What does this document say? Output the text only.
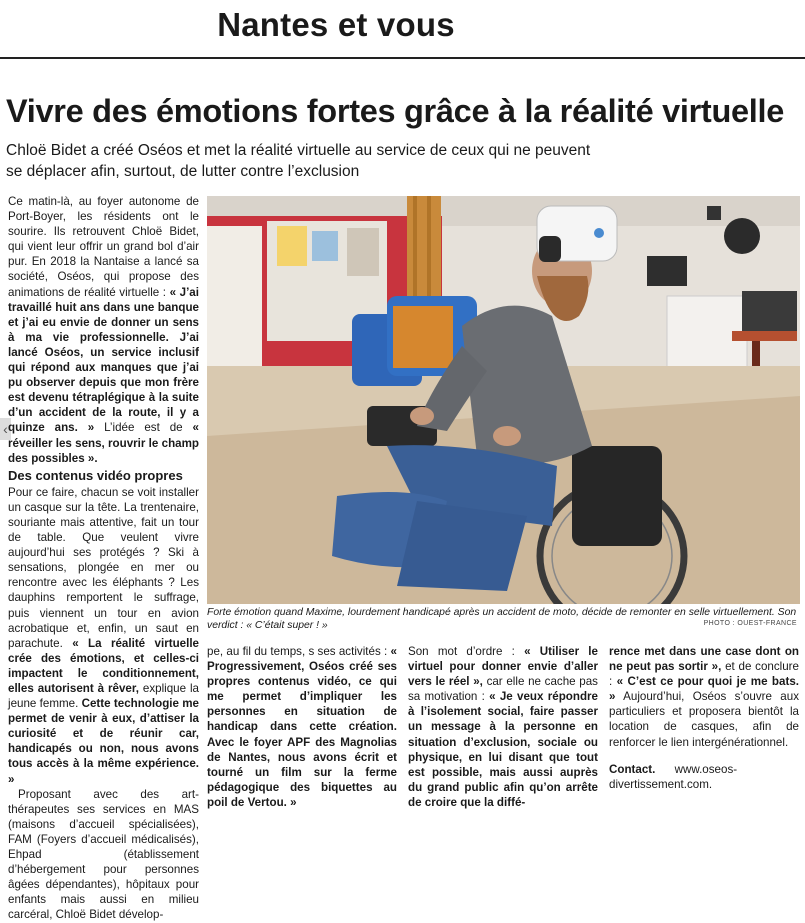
Nantes et vous
Vivre des émotions fortes grâce à la réalité virtuelle
Chloë Bidet a créé Oséos et met la réalité virtuelle au service de ceux qui ne peuvent
se déplacer afin, surtout, de lutter contre l’exclusion
‹

Ce matin-là, au foyer autonome de Port-Boyer, les résidents ont le sourire. Ils retrouvent Chloë Bidet, qui vient leur offrir un grand bol d’air pur. En 2018 la Nantaise a lancé sa société, Oséos, qui propose des animations de réalité virtuelle : « J’ai travaillé huit ans dans une banque et j’ai eu envie de donner un sens à ma vie professionnelle. J’ai lancé Oséos, un service inclusif qui répond aux manques que j’ai pu observer depuis que mon frère est devenu tétraplégique à la suite d’un accident de la route, il y a quinze ans. » L’idée est de « réveiller les sens, rouvrir le champ des possibles ».

Des contenus vidéo propres

Pour ce faire, chacun se voit installer un casque sur la tête. La trentenaire, souriante mais attentive, fait un tour de table. Que veulent vivre aujourd’hui ses protégés ? Ski à sensations, plongée en mer ou rencontre avec les éléphants ? Les dauphins remportent le suffrage, puis viennent un tour en avion acrobatique et, enfin, un saut en parachute. « La réalité virtuelle crée des émotions, et celles-ci impactent le conditionnement, elles autorisent à rêver, explique la jeune femme. Cette technologie me permet de venir à eux, d’attiser la curiosité et de réunir car, handicapés ou non, nous avons tous accès à la même expérience. »

Proposant avec des art-thérapeutes ses services en MAS (maisons d’accueil spécialisées), FAM (Foyers d’accueil médicalisés), Ehpad (établissement d’hébergement pour personnes âgées dépendantes), hôpitaux pour enfants mais aussi en milieu carcéral, Chloë Bidet dévelop-

Forte émotion quand Maxime, lourdement handicapé après un accident de moto, décide de remonter en selle virtuellement. Son verdict : « C’était super ! »	PHOTO : OUEST-FRANCE

pe, au fil du temps, s ses activités : « Progressivement, Oséos créé ses propres contenus vidéo, ce qui me permet d’impliquer les personnes en situation de handicap dans cette création. Avec le foyer APF des Magnolias de Nantes, nous avons écrit et tourné un film sur la ferme pédagogique des biquettes au poil de Vertou. »

Son mot d’ordre : « Utiliser le virtuel pour donner envie d’aller vers le réel », car elle ne cache pas sa motivation : « Je veux répondre à l’isolement social, faire passer un message à la personne en situation d’exclusion, sociale ou physique, en lui disant que tout est possible, mais aussi auprès du grand public afin qu’on arrête de croire que la diffé-

rence met dans une case dont on ne peut pas sortir », et de conclure : « C’est ce pour quoi je me bats. » Aujourd’hui, Oséos s’ouvre aux particuliers et proposera bientôt la location de casques, afin de renforcer le lien intergénérationnel.

Contact. www.oseos-divertissement.com.
